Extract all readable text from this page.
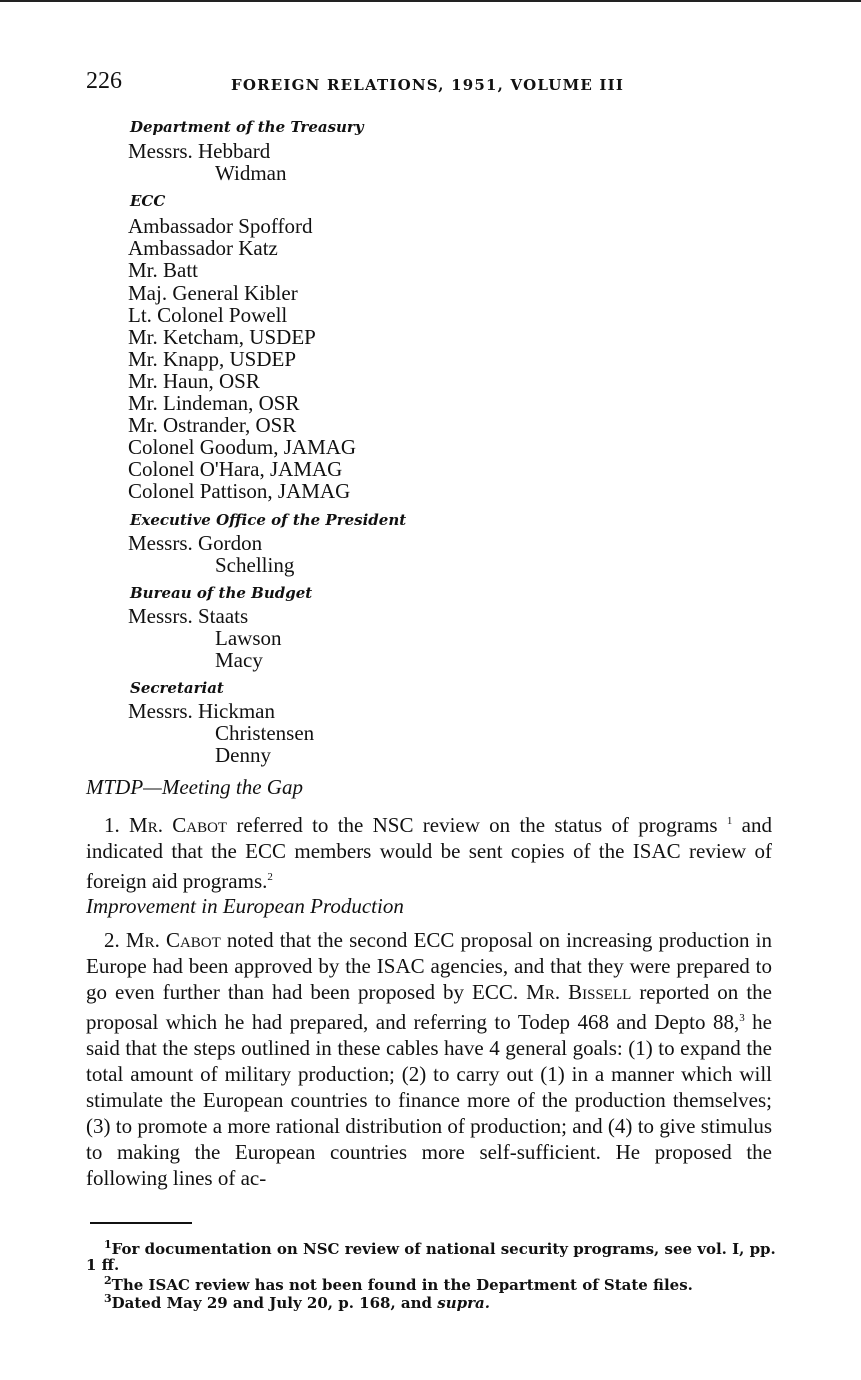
226	FOREIGN RELATIONS, 1951, VOLUME III
Department of the Treasury
Messrs. Hebbard
Widman
ECC
Ambassador Spofford
Ambassador Katz
Mr. Batt
Maj. General Kibler
Lt. Colonel Powell
Mr. Ketcham, USDEP
Mr. Knapp, USDEP
Mr. Haun, OSR
Mr. Lindeman, OSR
Mr. Ostrander, OSR
Colonel Goodum, JAMAG
Colonel O'Hara, JAMAG
Colonel Pattison, JAMAG
Executive Office of the President
Messrs. Gordon
Schelling
Bureau of the Budget
Messrs. Staats
Lawson
Macy
Secretariat
Messrs. Hickman
Christensen
Denny
MTDP—Meeting the Gap
1. Mr. Cabot referred to the NSC review on the status of programs $^1$ and indicated that the ECC members would be sent copies of the ISAC review of foreign aid programs.$^2$
Improvement in European Production
2. Mr. Cabot noted that the second ECC proposal on increasing production in Europe had been approved by the ISAC agencies, and that they were prepared to go even further than had been proposed by ECC. Mr. Bissell reported on the proposal which he had prepared, and referring to Todep 468 and Depto 88,$^3$ he said that the steps outlined in these cables have 4 general goals: (1) to expand the total amount of military production; (2) to carry out (1) in a manner which will stimulate the European countries to finance more of the production themselves; (3) to promote a more rational distribution of production; and (4) to give stimulus to making the European countries more self-sufficient. He proposed the following lines of ac-
$^1$For documentation on NSC review of national security programs, see vol. I, pp. 1 ff.
$^2$The ISAC review has not been found in the Department of State files.
$^3$Dated May 29 and July 20, p. 168, and supra.
